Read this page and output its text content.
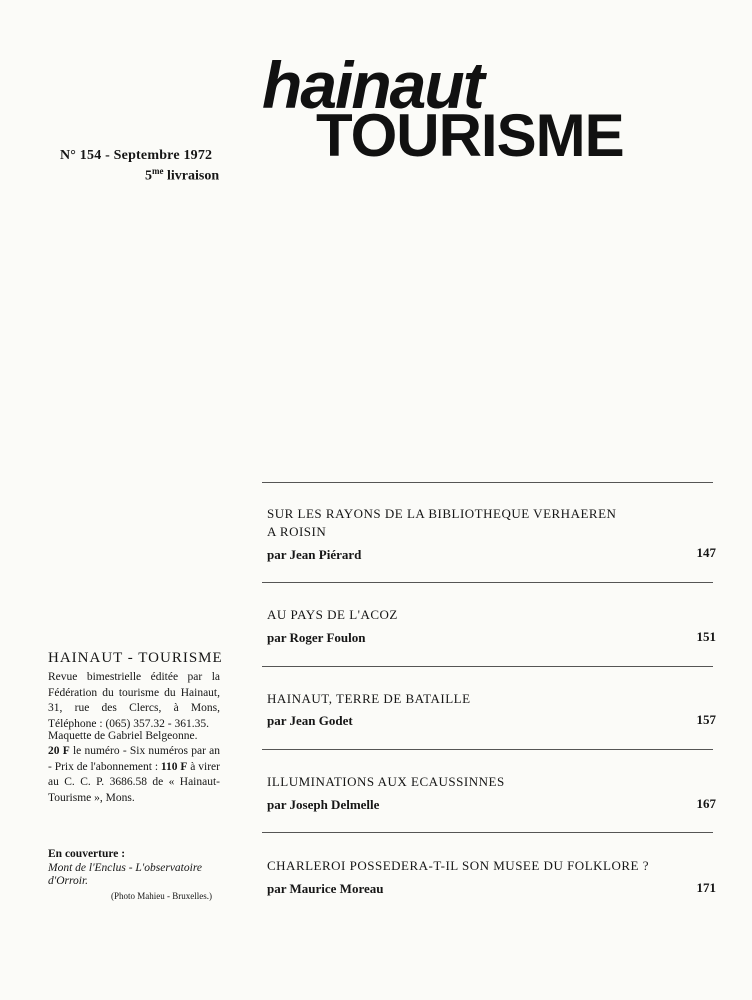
hainaut
TOURISME
N° 154 - Septembre 1972
$5^{me}$ livraison
HAINAUT - TOURISME
Revue bimestrielle éditée par la Fédération du tourisme du Hainaut, 31, rue des Clercs, à Mons, Téléphone : (065) 357.32 - 361.35.
Maquette de Gabriel Belgeonne.
20 F le numéro - Six numéros par an - Prix de l'abonnement : 110 F à virer au C. C. P. 3686.58 de « Hainaut-Tourisme », Mons.
En couverture :
Mont de l'Enclus - L'observatoire d'Orroir.
(Photo Mahieu - Bruxelles.)
SUR LES RAYONS DE LA BIBLIOTHEQUE VERHAEREN
A ROISIN
par Jean Piérard	147
AU PAYS DE L'ACOZ
par Roger Foulon	151
HAINAUT, TERRE DE BATAILLE
par Jean Godet	157
ILLUMINATIONS AUX ECAUSSINNES
par Joseph Delmelle	167
CHARLEROI POSSEDERA-T-IL SON MUSEE DU FOLKLORE ?
par Maurice Moreau	171
